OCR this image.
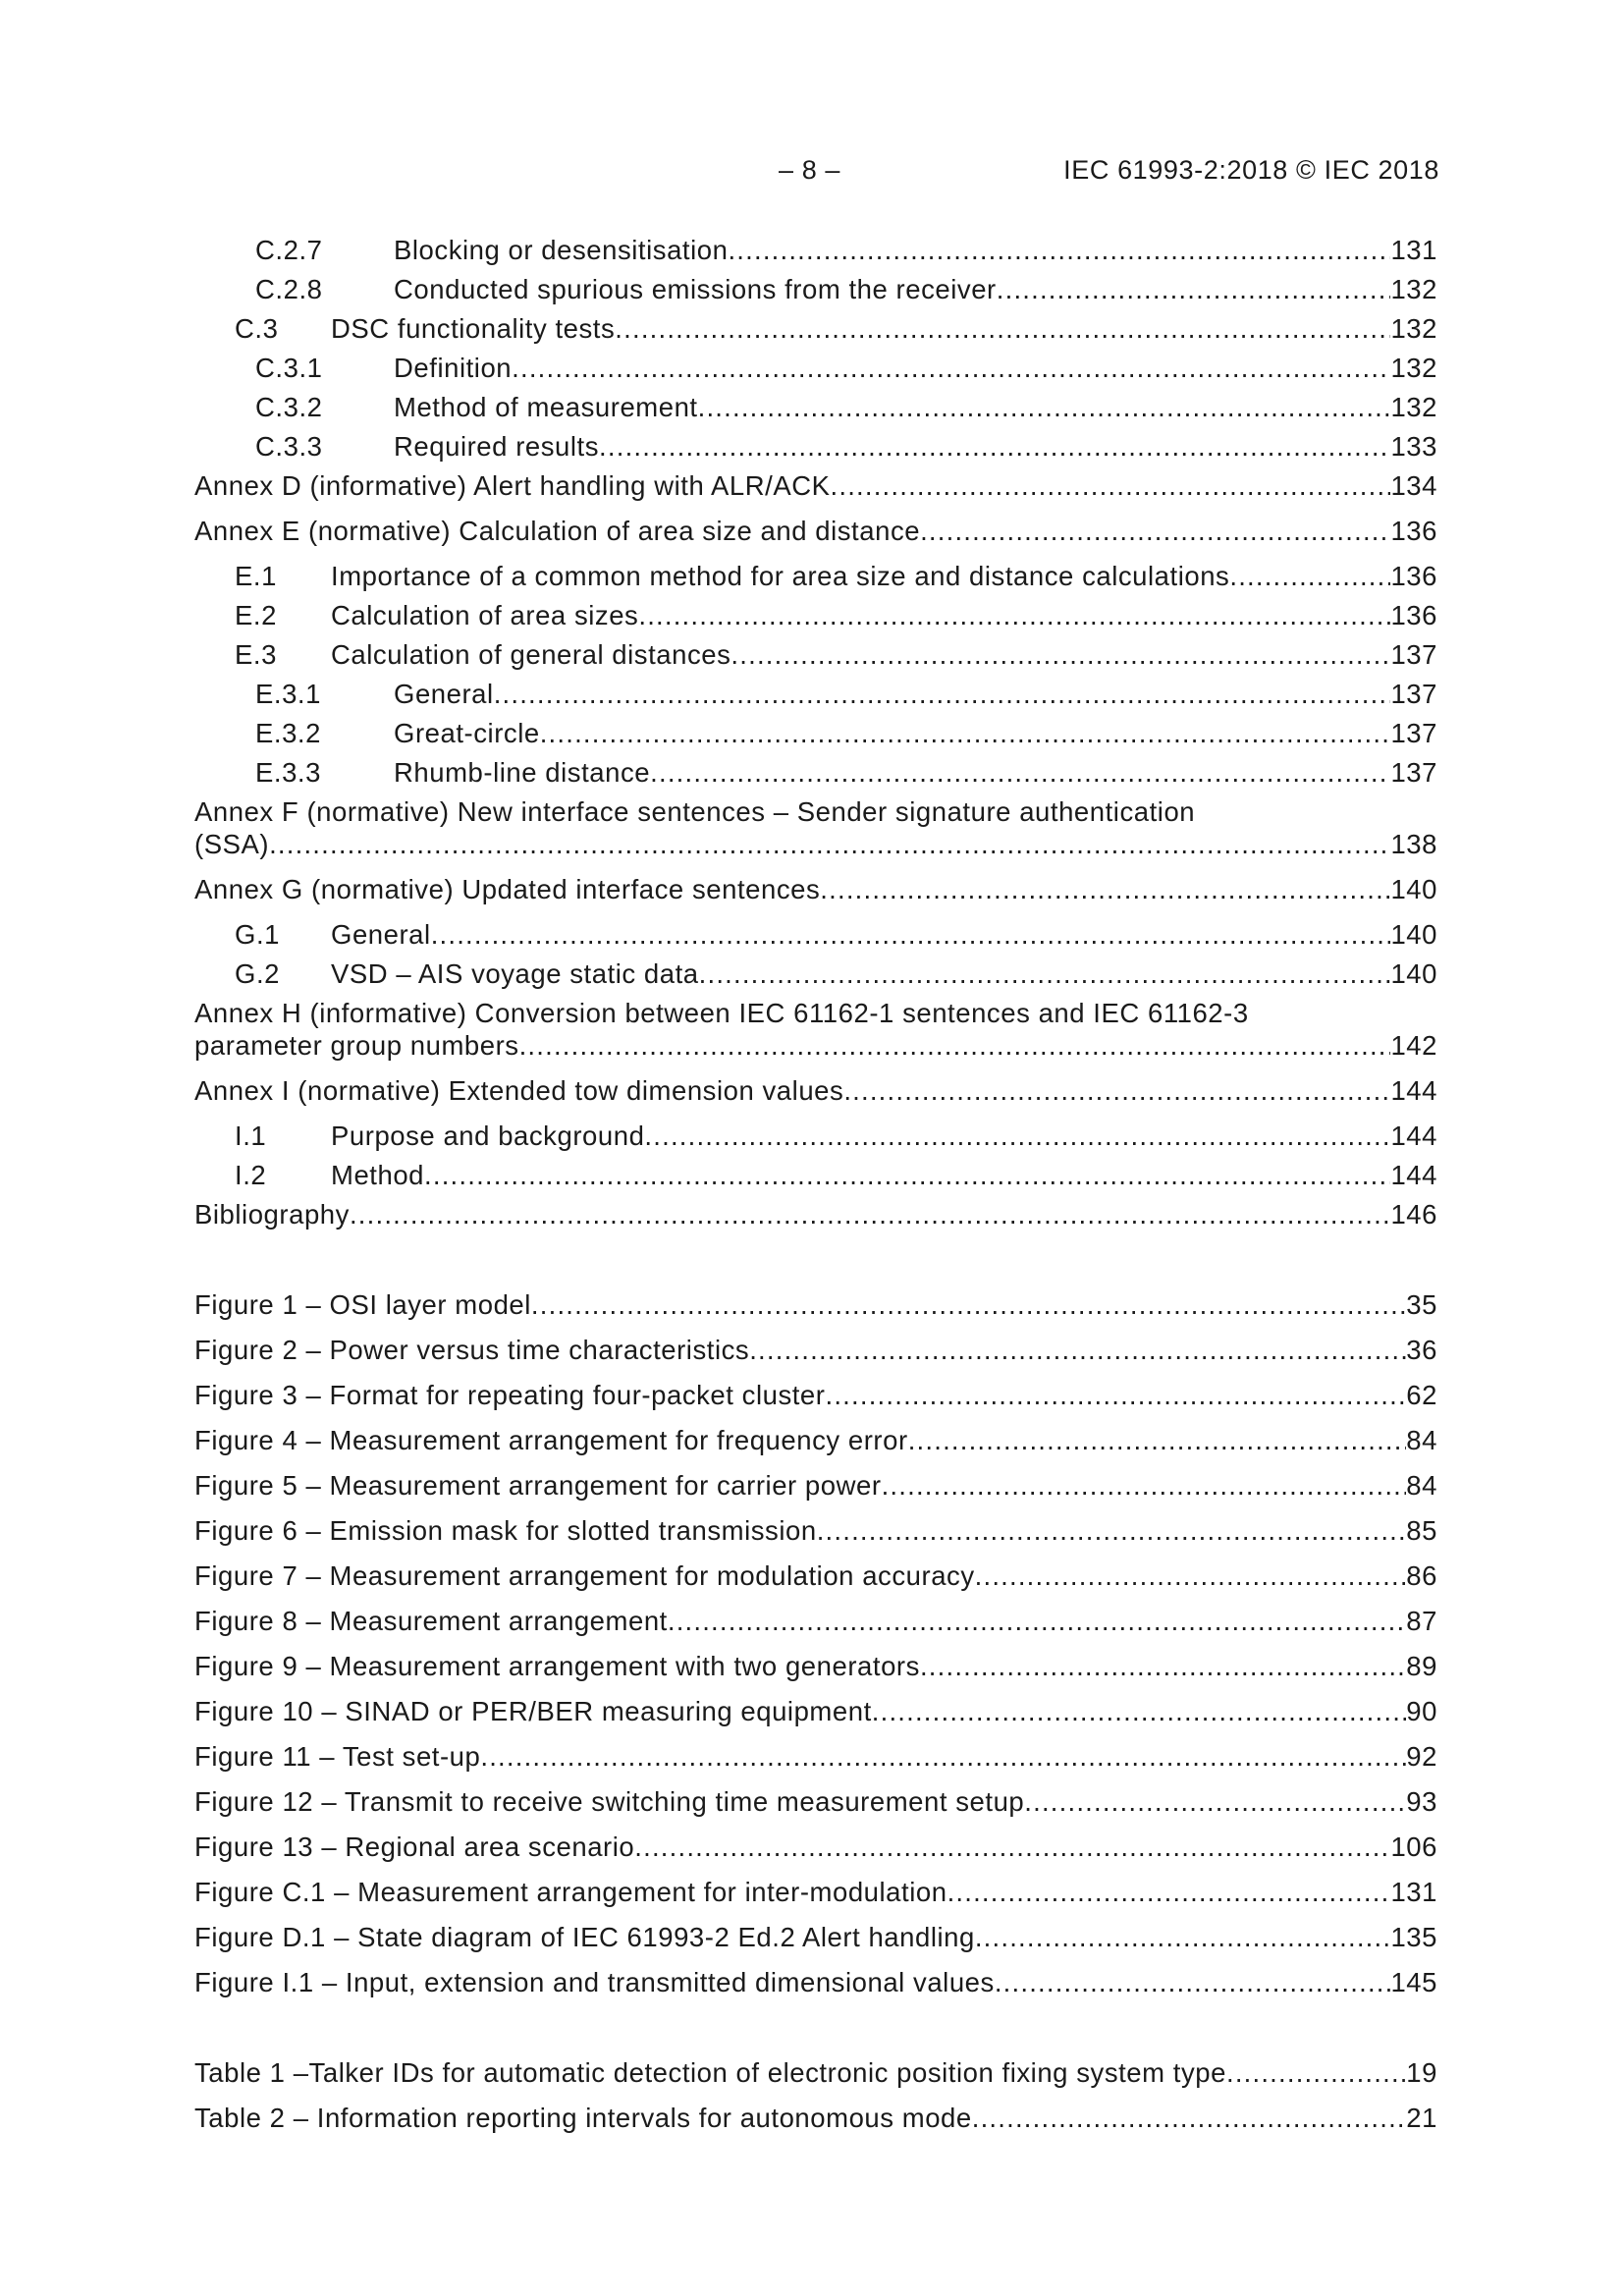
– 8 –	IEC 61993-2:2018 © IEC 2018
C.2.7	Blocking or desensitisation .....	131
C.2.8	Conducted spurious emissions from the receiver .....	132
C.3	DSC functionality tests .....	132
C.3.1	Definition .....	132
C.3.2	Method of measurement .....	132
C.3.3	Required results .....	133
Annex D (informative) Alert handling with ALR/ACK .....	134
Annex E (normative) Calculation of area size and distance .....	136
E.1	Importance of a common method for area size and distance calculations .....	136
E.2	Calculation of area sizes .....	136
E.3	Calculation of general distances .....	137
E.3.1	General .....	137
E.3.2	Great-circle .....	137
E.3.3	Rhumb-line distance .....	137
Annex F (normative) New interface sentences – Sender signature authentication
(SSA) .....	138
Annex G (normative) Updated interface sentences .....	140
G.1	General .....	140
G.2	VSD – AIS voyage static data .....	140
Annex H (informative) Conversion between IEC 61162-1 sentences and IEC 61162-3
parameter group numbers .....	142
Annex I (normative) Extended tow dimension values .....	144
I.1	Purpose and background .....	144
I.2	Method .....	144
Bibliography .....	146
Figure 1 – OSI layer model .....	35
Figure 2 – Power versus time characteristics .....	36
Figure 3 – Format for repeating four-packet cluster .....	62
Figure 4 – Measurement arrangement for frequency error .....	84
Figure 5 – Measurement arrangement for carrier power .....	84
Figure 6 – Emission mask for slotted transmission .....	85
Figure 7 – Measurement arrangement for modulation accuracy .....	86
Figure 8 – Measurement arrangement .....	87
Figure 9 – Measurement arrangement with two generators .....	89
Figure 10 – SINAD or PER/BER measuring equipment .....	90
Figure 11 – Test set-up .....	92
Figure 12 – Transmit to receive switching time measurement setup .....	93
Figure 13 – Regional area scenario .....	106
Figure C.1 – Measurement arrangement for inter-modulation .....	131
Figure D.1 – State diagram of IEC 61993-2 Ed.2 Alert handling .....	135
Figure I.1 – Input, extension and transmitted dimensional values .....	145
Table 1 –Talker IDs for automatic detection of electronic position fixing system type .....	19
Table 2 – Information reporting intervals for autonomous mode .....	21
